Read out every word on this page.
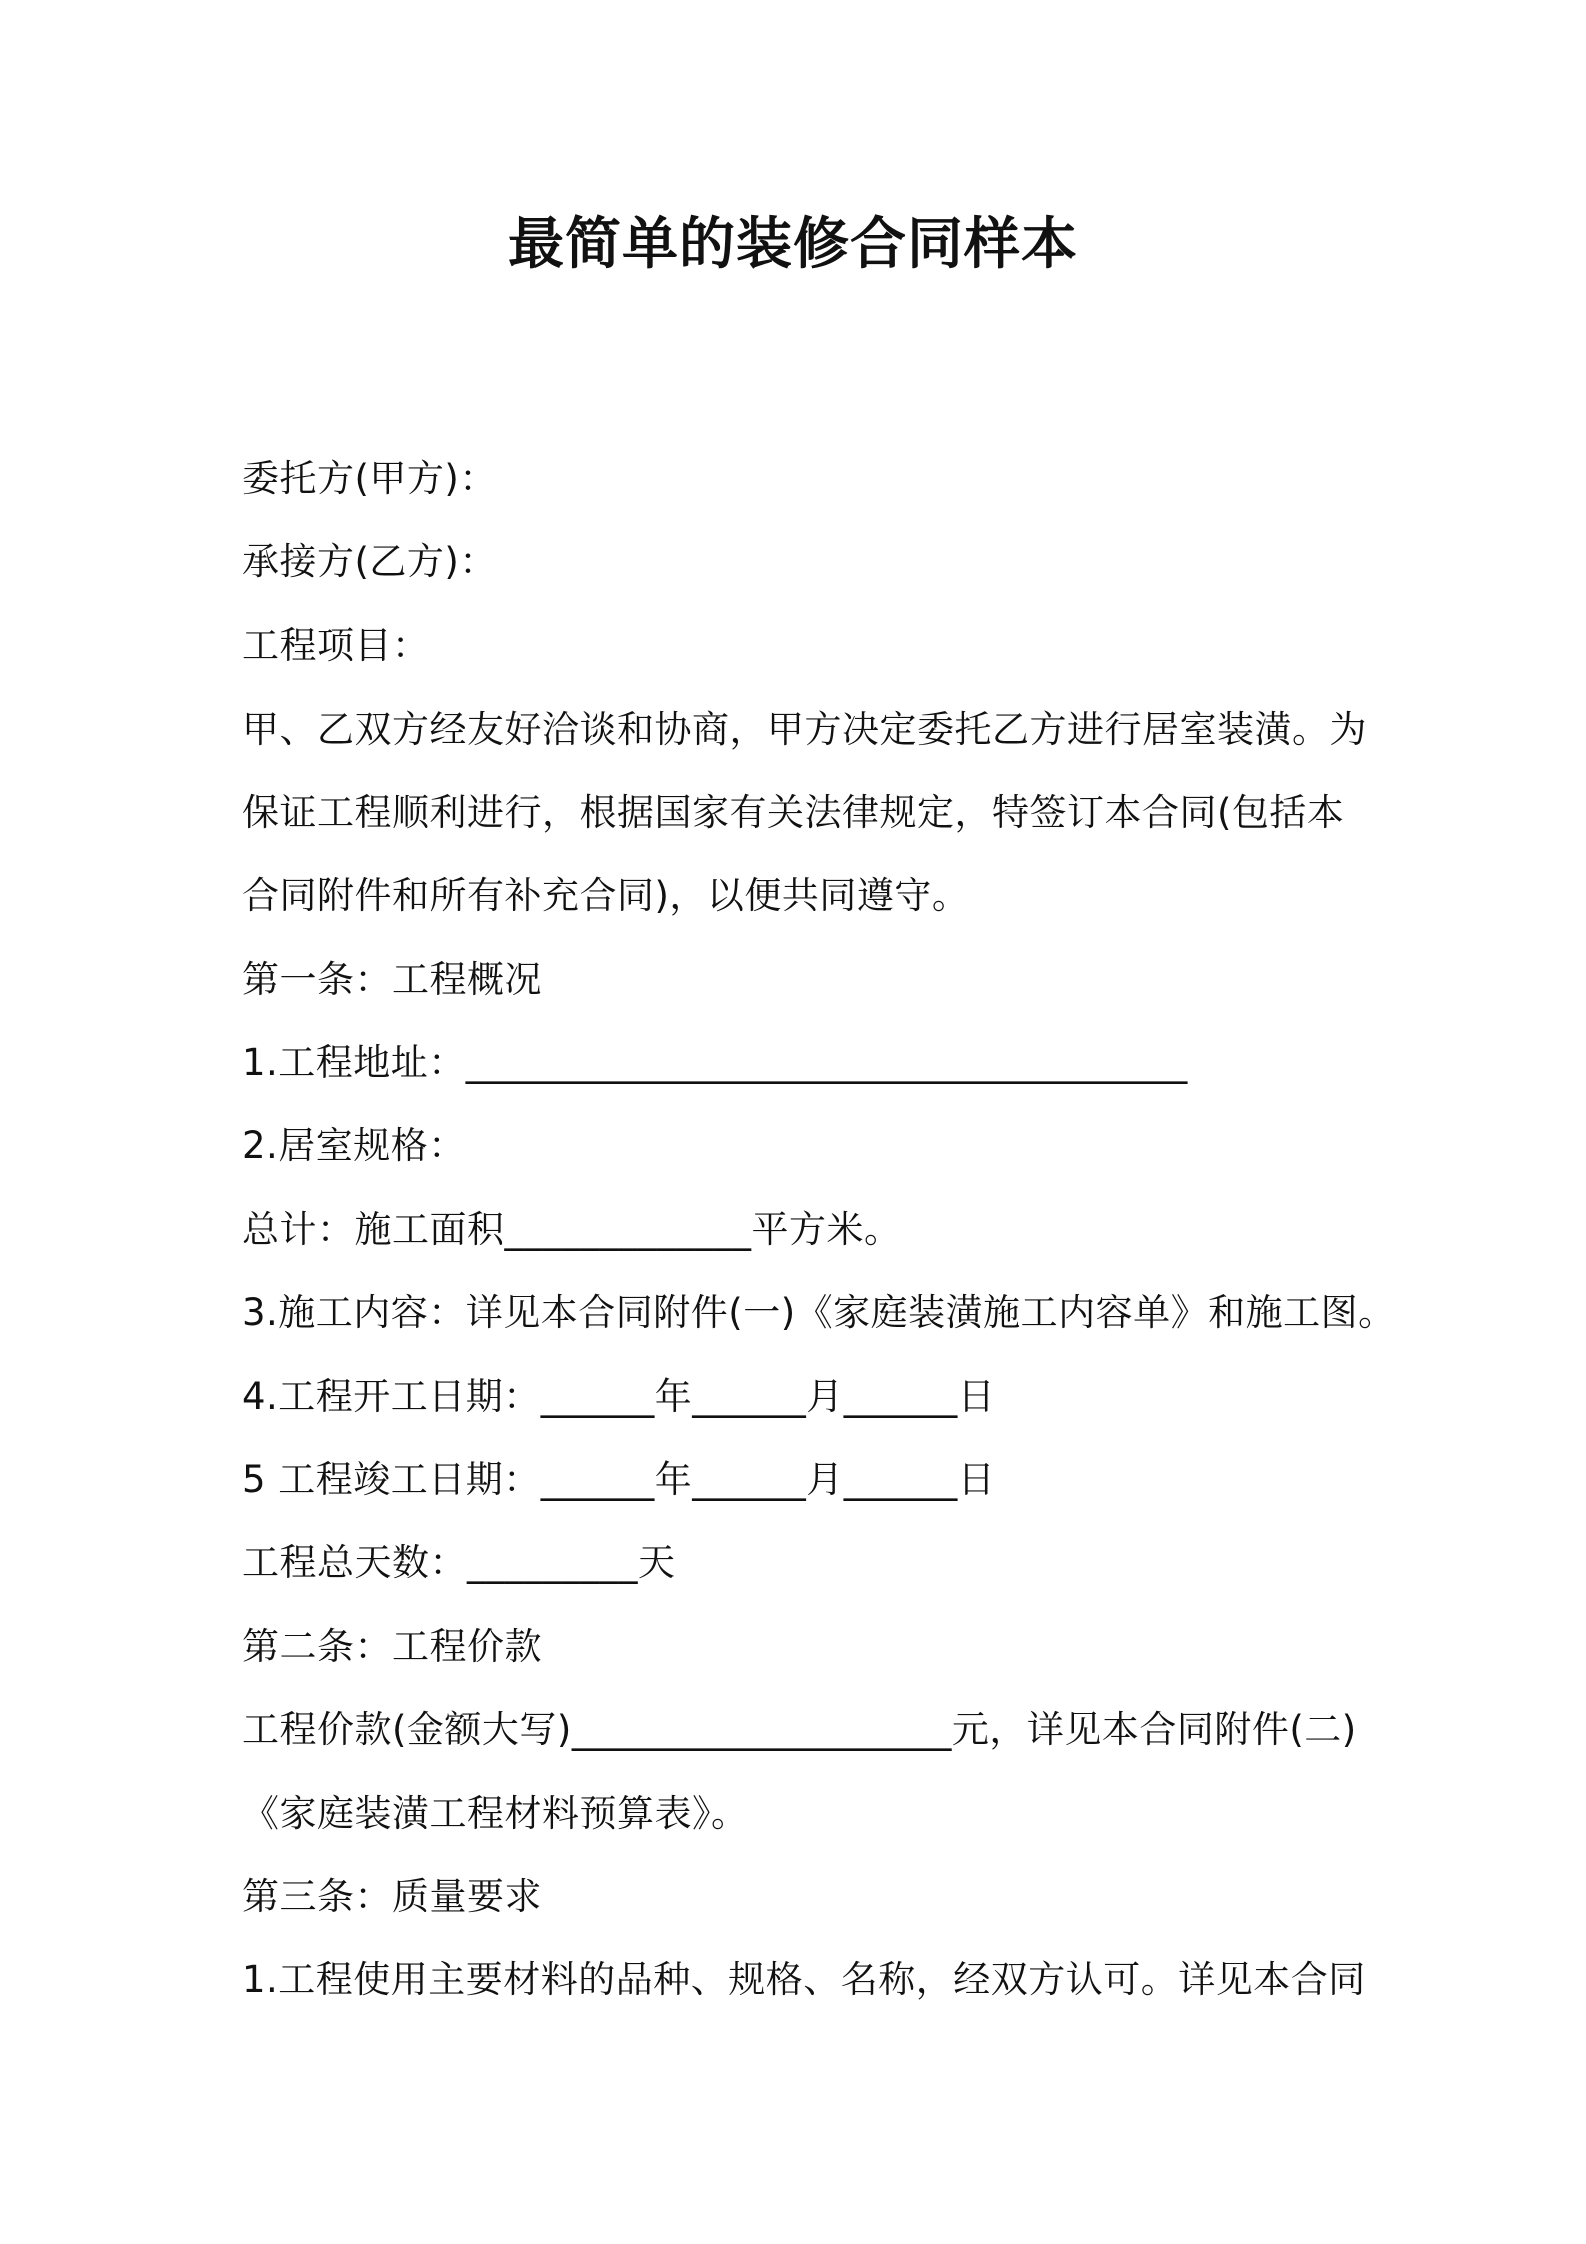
最简单的装修合同样本
委托方(甲方)：
承接方(乙方)：
工程项目：
甲、乙双方经友好洽谈和协商，甲方决定委托乙方进行居室装潢。为
保证工程顺利进行，根据国家有关法律规定，特签订本合同(包括本
合同附件和所有补充合同)，以便共同遵守。
第一条：工程概况
1.工程地址：______________________________________
2.居室规格：
总计：施工面积_____________平方米。
3.施工内容：详见本合同附件(一)《家庭装潢施工内容单》和施工图。
4.工程开工日期：______年______月______日
5 工程竣工日期：______年______月______日
工程总天数：_________天
第二条：工程价款
工程价款(金额大写)____________________元，详见本合同附件(二)
《家庭装潢工程材料预算表》。
第三条：质量要求
1.工程使用主要材料的品种、规格、名称，经双方认可。详见本合同
